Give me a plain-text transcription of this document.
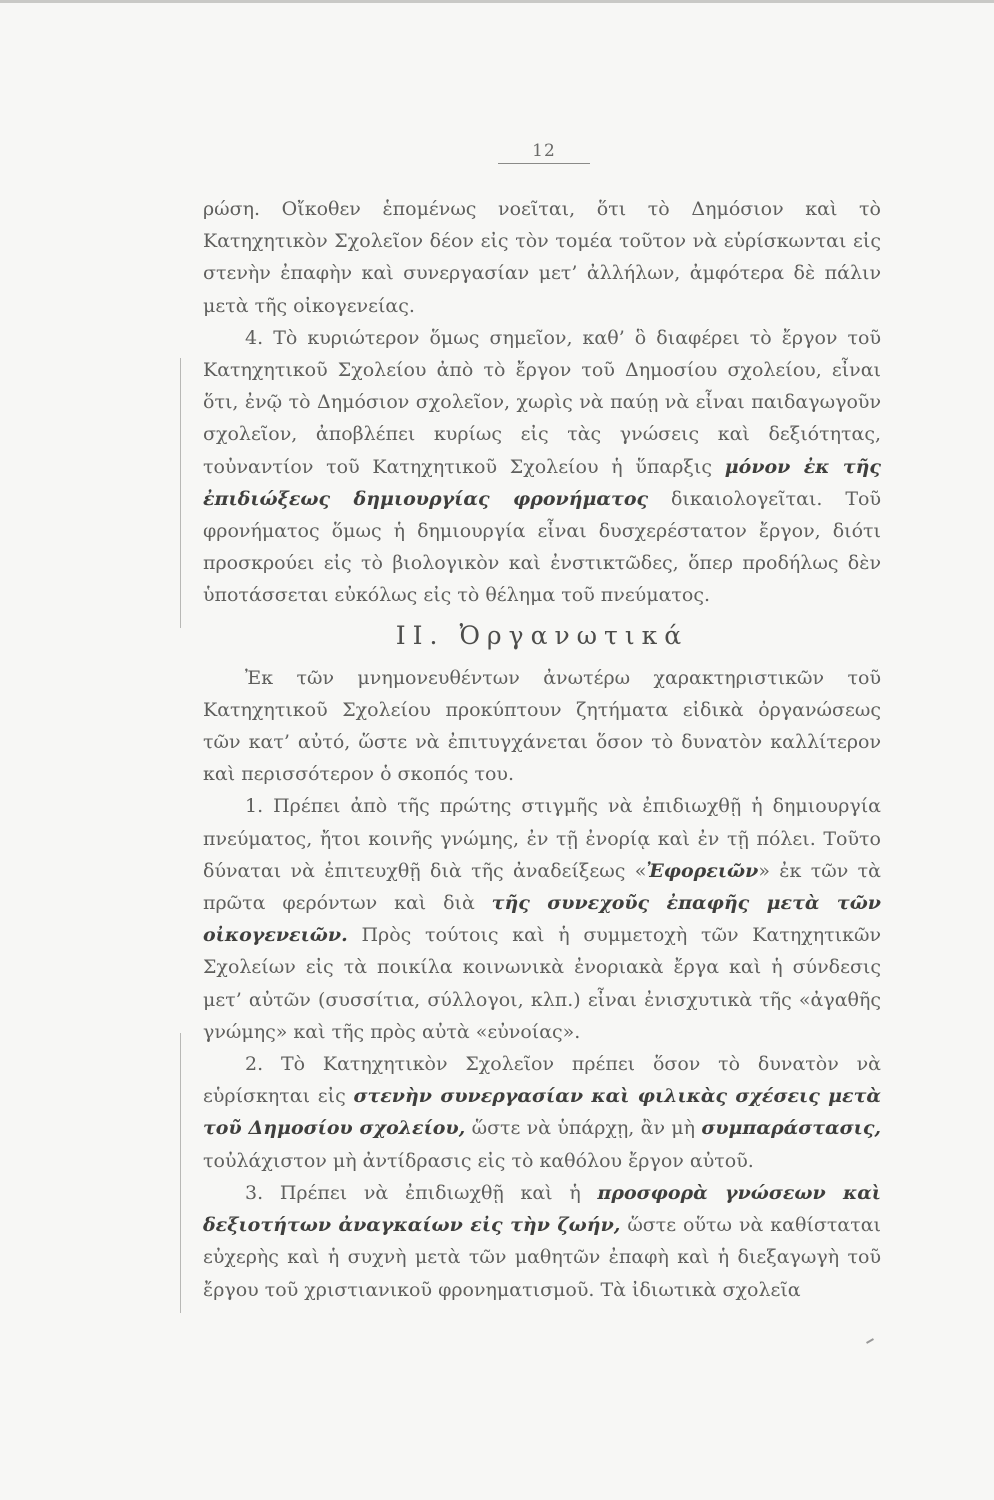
12

ρώση. Οἴκοθεν ἑπομένως νοεῖται, ὅτι τὸ Δημόσιον καὶ τὸ Κατηχητικὸν Σχολεῖον δέον εἰς τὸν τομέα τοῦτον νὰ εὑρίσκωνται εἰς στενὴν ἐπαφὴν καὶ συνεργασίαν μετ’ ἀλλήλων, ἀμφότερα δὲ πάλιν μετὰ τῆς οἰκογενείας.

4. Τὸ κυριώτερον ὅμως σημεῖον, καθ’ ὃ διαφέρει τὸ ἔργον τοῦ Κατηχητικοῦ Σχολείου ἀπὸ τὸ ἔργον τοῦ Δημοσίου σχολείου, εἶναι ὅτι, ἐνῷ τὸ Δημόσιον σχολεῖον, χωρὶς νὰ παύῃ νὰ εἶναι παιδαγωγοῦν σχολεῖον, ἀποβλέπει κυρίως εἰς τὰς γνώσεις καὶ δεξιότητας, τοὐναντίον τοῦ Κατηχητικοῦ Σχολείου ἡ ὕπαρξις μόνον ἐκ τῆς ἐπιδιώξεως δημιουργίας φρονήματος δικαιολογεῖται. Τοῦ φρονήματος ὅμως ἡ δημιουργία εἶναι δυσχερέστατον ἔργον, διότι προσκρούει εἰς τὸ βιολογικὸν καὶ ἐνστικτῶδες, ὅπερ προδήλως δὲν ὑποτάσσεται εὐκόλως εἰς τὸ θέλημα τοῦ πνεύματος.

ΙΙ. Ὀργανωτικά

Ἐκ τῶν μνημονευθέντων ἀνωτέρω χαρακτηριστικῶν τοῦ Κατηχητικοῦ Σχολείου προκύπτουν ζητήματα εἰδικὰ ὀργανώσεως τῶν κατ’ αὐτό, ὥστε νὰ ἐπιτυγχάνεται ὅσον τὸ δυνατὸν καλλίτερον καὶ περισσότερον ὁ σκοπός του.

1. Πρέπει ἀπὸ τῆς πρώτης στιγμῆς νὰ ἐπιδιωχθῇ ἡ δημιουργία πνεύματος, ἤτοι κοινῆς γνώμης, ἐν τῇ ἐνορίᾳ καὶ ἐν τῇ πόλει. Τοῦτο δύναται νὰ ἐπιτευχθῇ διὰ τῆς ἀναδείξεως «Ἐφορειῶν» ἐκ τῶν τὰ πρῶτα φερόντων καὶ διὰ τῆς συνεχοῦς ἐπαφῆς μετὰ τῶν οἰκογενειῶν. Πρὸς τούτοις καὶ ἡ συμμετοχὴ τῶν Κατηχητικῶν Σχολείων εἰς τὰ ποικίλα κοινωνικὰ ἐνοριακὰ ἔργα καὶ ἡ σύνδεσις μετ’ αὐτῶν (συσσίτια, σύλλογοι, κλπ.) εἶναι ἐνισχυτικὰ τῆς «ἀγαθῆς γνώμης» καὶ τῆς πρὸς αὐτὰ «εὐνοίας».

2. Τὸ Κατηχητικὸν Σχολεῖον πρέπει ὅσον τὸ δυνατὸν νὰ εὑρίσκηται εἰς στενὴν συνεργασίαν καὶ φιλικὰς σχέσεις μετὰ τοῦ Δημοσίου σχολείου, ὥστε νὰ ὑπάρχῃ, ἂν μὴ συμπαράστασις, τοὐλάχιστον μὴ ἀντίδρασις εἰς τὸ καθόλου ἔργον αὐτοῦ.

3. Πρέπει νὰ ἐπιδιωχθῇ καὶ ἡ προσφορὰ γνώσεων καὶ δεξιοτήτων ἀναγκαίων εἰς τὴν ζωήν, ὥστε οὕτω νὰ καθίσταται εὐχερὴς καὶ ἡ συχνὴ μετὰ τῶν μαθητῶν ἐπαφὴ καὶ ἡ διεξαγωγὴ τοῦ ἔργου τοῦ χριστιανικοῦ φρονηματισμοῦ. Τὰ ἰδιωτικὰ σχολεῖα
